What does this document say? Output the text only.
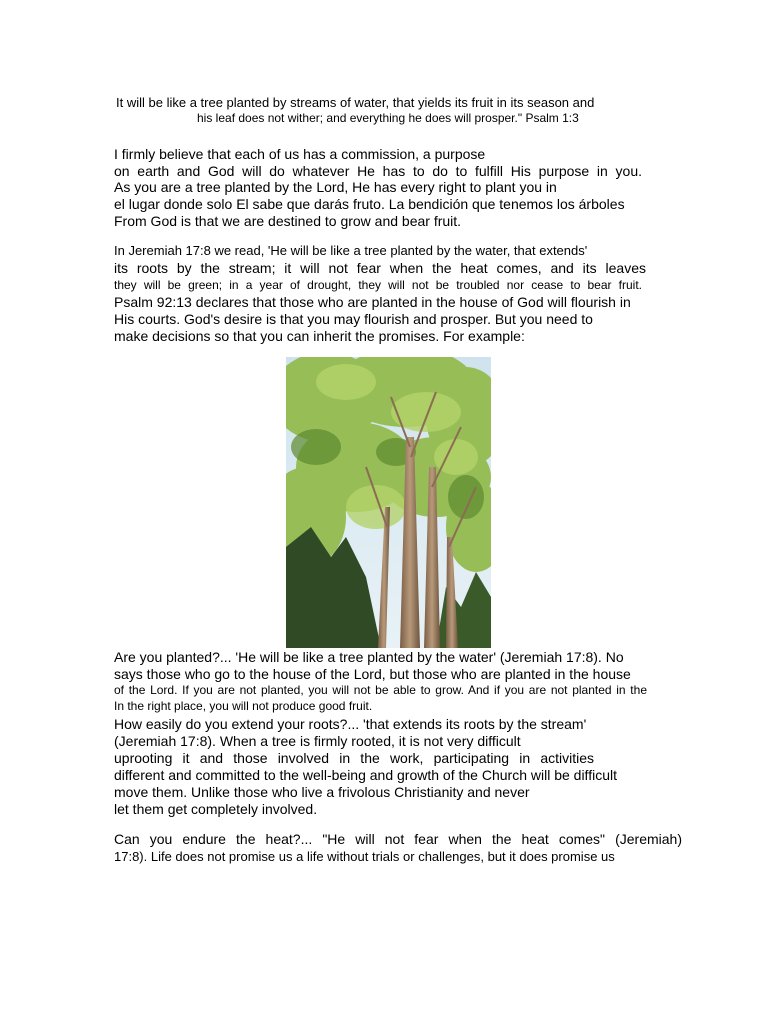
It will be like a tree planted by streams of water, that yields its fruit in its season and
his leaf does not wither; and everything he does will prosper." Psalm 1:3
I firmly believe that each of us has a commission, a purpose
on earth and God will do whatever He has to do to fulfill His purpose in you.
As you are a tree planted by the Lord, He has every right to plant you in
el lugar donde solo El sabe que darás fruto. La bendición que tenemos los árboles
From God is that we are destined to grow and bear fruit.
In Jeremiah 17:8 we read, 'He will be like a tree planted by the water, that extends'
its roots by the stream; it will not fear when the heat comes, and its leaves
they will be green; in a year of drought, they will not be troubled nor cease to bear fruit.
Psalm 92:13 declares that those who are planted in the house of God will flourish in
His courts. God's desire is that you may flourish and prosper. But you need to
make decisions so that you can inherit the promises. For example:
Are you planted?... 'He will be like a tree planted by the water' (Jeremiah 17:8). No
says those who go to the house of the Lord, but those who are planted in the house
of the Lord. If you are not planted, you will not be able to grow. And if you are not planted in the
In the right place, you will not produce good fruit.
How easily do you extend your roots?... 'that extends its roots by the stream'
(Jeremiah 17:8). When a tree is firmly rooted, it is not very difficult
uprooting it and those involved in the work, participating in activities
different and committed to the well-being and growth of the Church will be difficult
move them. Unlike those who live a frivolous Christianity and never
let them get completely involved.
Can you endure the heat?... "He will not fear when the heat comes" (Jeremiah)
17:8). Life does not promise us a life without trials or challenges, but it does promise us
